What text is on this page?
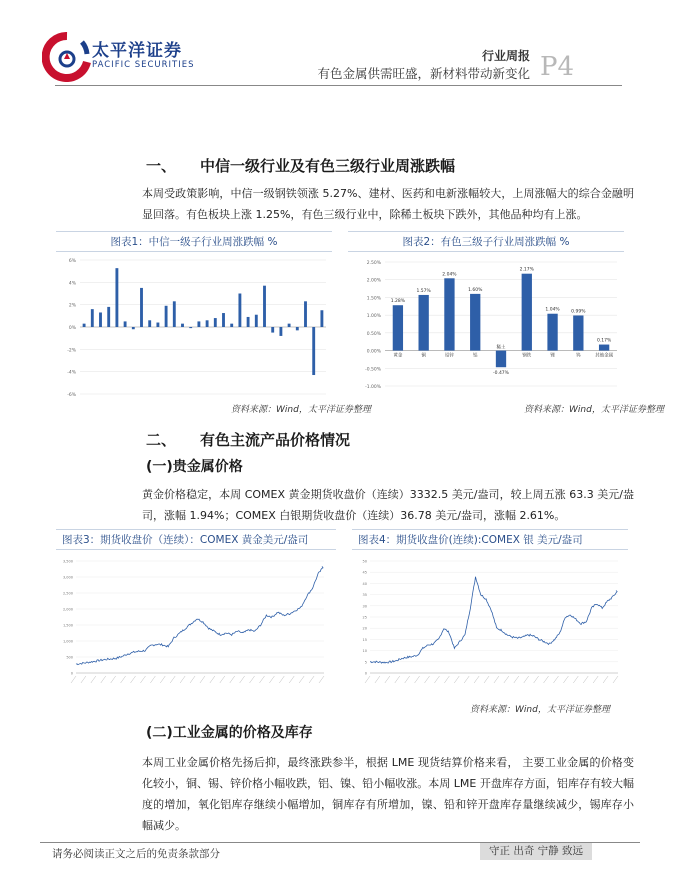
太平洋证券
PACIFIC SECURITIES
行业周报
有色金属供需旺盛，新材料带动新变化 P4
一、 中信一级行业及有色三级行业周涨跌幅

本周受政策影响，中信一级钢铁领涨 5.27%、建材、医药和电新涨幅较大，上周涨幅大的综合金融明显回落。有色板块上涨 1.25%，有色三级行业中，除稀土板块下跌外，其他品种均有上涨。

图表1：中信一级子行业周涨跌幅 %
-6%
-4%
-2%
0%
2%
4%
6%
资料来源：Wind，太平洋证券整理
图表2：有色三级子行业周涨跌幅 %
-1.00%
-0.50%
0.00%
0.50%
1.00%
1.50%
2.00%
2.50%
1.28%
黄金
1.57%
铜
2.04%
铅锌
1.60%
铝
-0.47%
稀土
2.17%
钢铁
1.04%
锂
0.99%
钨
0.17%
其他金属
资料来源：Wind，太平洋证券整理
二、 有色主流产品价格情况
(一)贵金属价格

黄金价格稳定，本周 COMEX 黄金期货收盘价（连续）3332.5 美元/盎司，较上周五涨 63.3 美元/盎司，涨幅 1.94%；COMEX 白银期货收盘价（连续）36.78 美元/盎司，涨幅 2.61%。

图表3：期货收盘价（连续）：COMEX 黄金美元/盎司
0
500
1,000
1,500
2,000
2,500
3,000
3,500
图表4：期货收盘价(连续):COMEX 银 美元/盎司
0
5
10
15
20
25
30
35
40
45
50
资料来源：Wind，太平洋证券整理
(二)工业金属的价格及库存

本周工业金属价格先扬后抑，最终涨跌参半，根据 LME 现货结算价格来看， 主要工业金属的价格变化较小，铜、锡、锌价格小幅收跌，铝、镍、铅小幅收涨。本周 LME 开盘库存方面，铝库存有较大幅度的增加，氧化铝库存继续小幅增加，铜库存有所增加，镍、铅和锌开盘库存量继续减少，锡库存小幅减少。

请务必阅读正文之后的免责条款部分	守正 出奇 宁静 致远
